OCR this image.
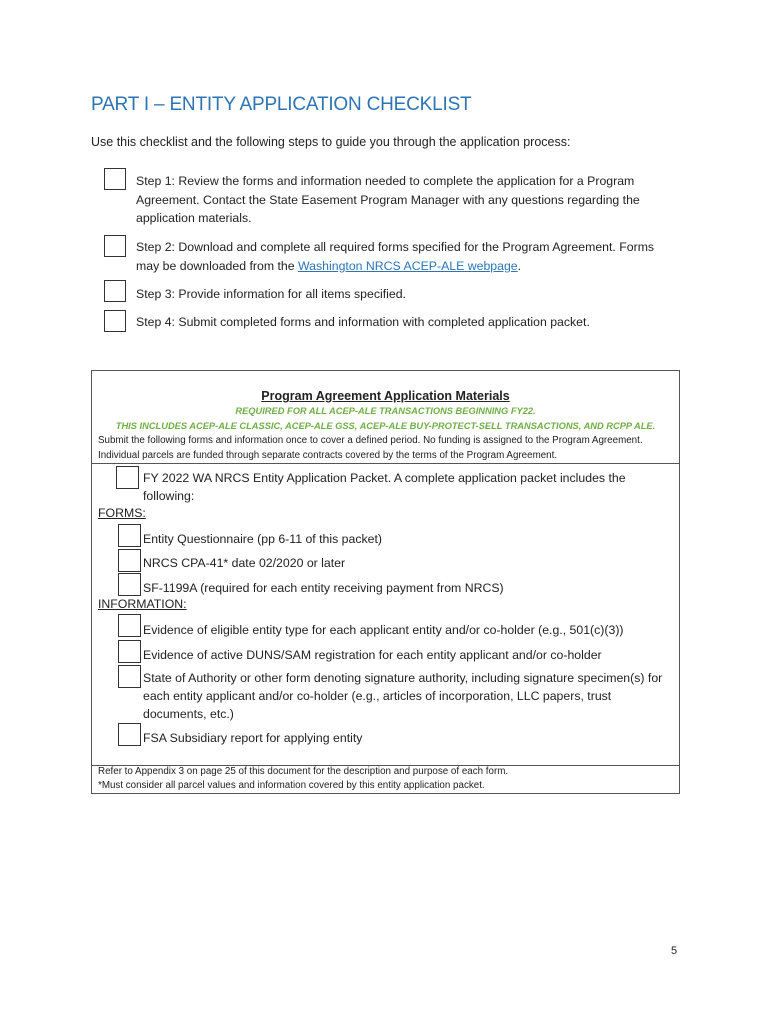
PART I – ENTITY APPLICATION CHECKLIST
Use this checklist and the following steps to guide you through the application process:
Step 1: Review the forms and information needed to complete the application for a Program Agreement. Contact the State Easement Program Manager with any questions regarding the application materials.
Step 2: Download and complete all required forms specified for the Program Agreement. Forms may be downloaded from the Washington NRCS ACEP-ALE webpage.
Step 3: Provide information for all items specified.
Step 4: Submit completed forms and information with completed application packet.
Program Agreement Application Materials
REQUIRED FOR ALL ACEP-ALE TRANSACTIONS BEGINNING FY22.
THIS INCLUDES ACEP-ALE CLASSIC, ACEP-ALE GSS, ACEP-ALE BUY-PROTECT-SELL TRANSACTIONS, AND RCPP ALE.
Submit the following forms and information once to cover a defined period. No funding is assigned to the Program Agreement. Individual parcels are funded through separate contracts covered by the terms of the Program Agreement.
FY 2022 WA NRCS Entity Application Packet. A complete application packet includes the following:
FORMS:
Entity Questionnaire (pp 6-11 of this packet)
NRCS CPA-41* date 02/2020 or later
SF-1199A (required for each entity receiving payment from NRCS)
INFORMATION:
Evidence of eligible entity type for each applicant entity and/or co-holder (e.g., 501(c)(3))
Evidence of active DUNS/SAM registration for each entity applicant and/or co-holder
State of Authority or other form denoting signature authority, including signature specimen(s) for each entity applicant and/or co-holder (e.g., articles of incorporation, LLC papers, trust documents, etc.)
FSA Subsidiary report for applying entity
Refer to Appendix 3 on page 25 of this document for the description and purpose of each form.
*Must consider all parcel values and information covered by this entity application packet.
5
